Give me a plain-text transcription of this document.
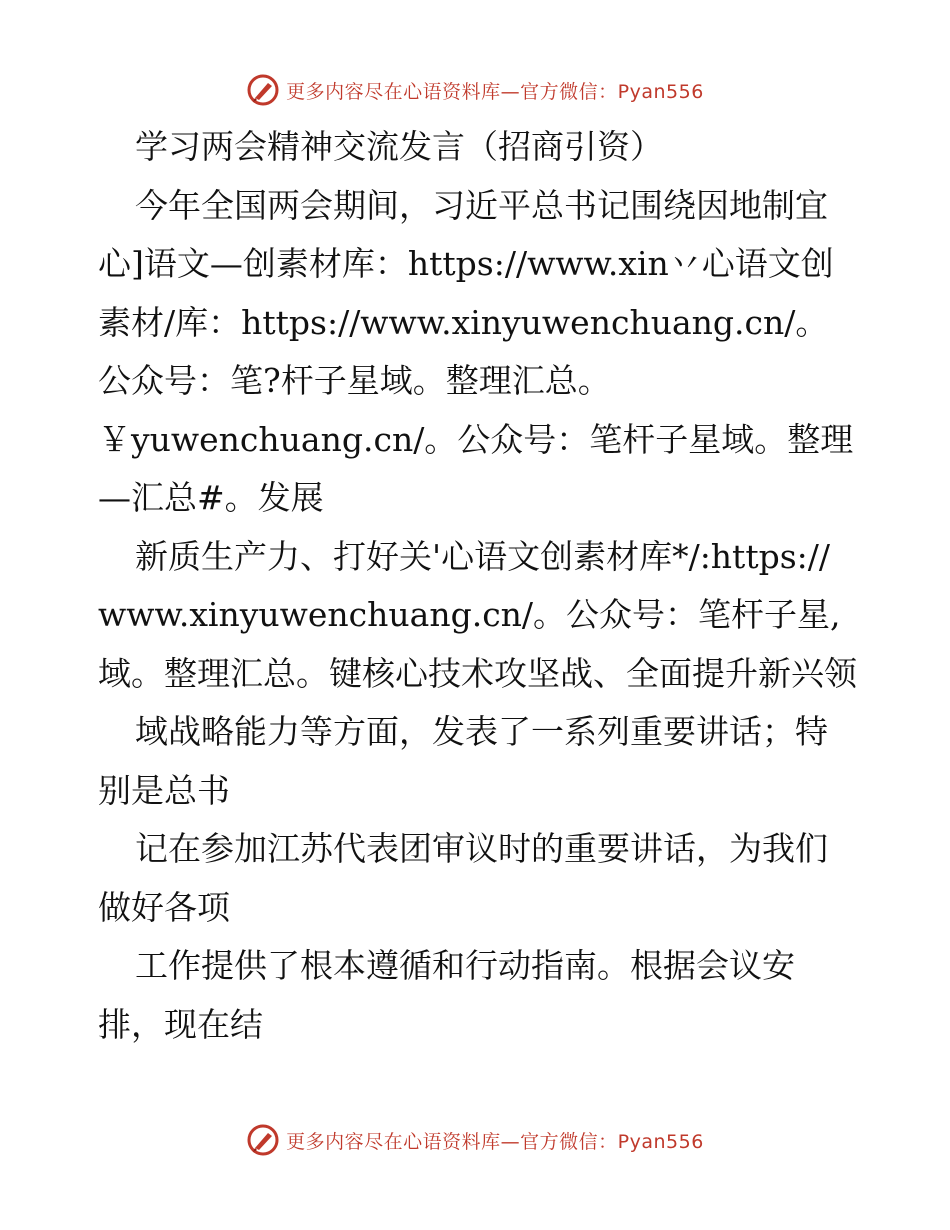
更多内容尽在心语资料库—官方微信：Pyan556

学习两会精神交流发言（招商引资）

今年全国两会期间，习近平总书记围绕因地制宜心]语文—创素材库：https://www.xin丷心语文创素材/库：https://www.xinyuwenchuang.cn/。公众号：笔?杆子星域。整理汇总。

￥yuwenchuang.cn/。公众号：笔杆子星域。整理—汇总#。发展

新质生产力、打好关'心语文创素材库*/:https://www.xinyuwenchuang.cn/。公众号：笔杆子星,域。整理汇总。键核心技术攻坚战、全面提升新兴领

域战略能力等方面，发表了一系列重要讲话；特别是总书

记在参加江苏代表团审议时的重要讲话，为我们做好各项

工作提供了根本遵循和行动指南。根据会议安排，现在结

更多内容尽在心语资料库—官方微信：Pyan556
